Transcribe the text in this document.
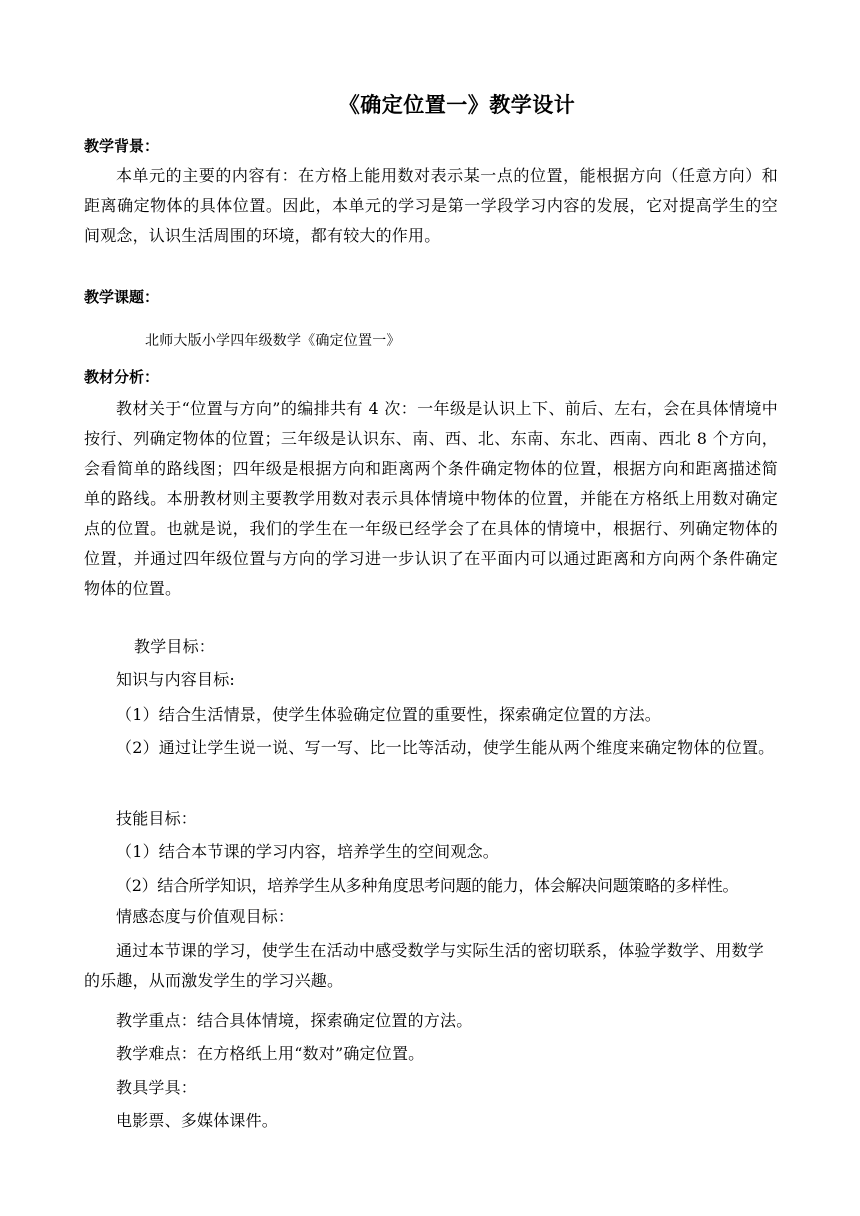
《确定位置一》教学设计
教学背景：
本单元的主要的内容有：在方格上能用数对表示某一点的位置，能根据方向（任意方向）和距离确定物体的具体位置。因此，本单元的学习是第一学段学习内容的发展，它对提高学生的空间观念，认识生活周围的环境，都有较大的作用。
教学课题：
北师大版小学四年级数学《确定位置一》
教材分析：
教材关于“位置与方向”的编排共有 4 次：一年级是认识上下、前后、左右，会在具体情境中按行、列确定物体的位置；三年级是认识东、南、西、北、东南、东北、西南、西北 8 个方向，会看简单的路线图；四年级是根据方向和距离两个条件确定物体的位置，根据方向和距离描述简单的路线。本册教材则主要教学用数对表示具体情境中物体的位置，并能在方格纸上用数对确定点的位置。也就是说，我们的学生在一年级已经学会了在具体的情境中，根据行、列确定物体的位置，并通过四年级位置与方向的学习进一步认识了在平面内可以通过距离和方向两个条件确定物体的位置。
教学目标：
知识与内容目标:
（1）结合生活情景，使学生体验确定位置的重要性，探索确定位置的方法。
（2）通过让学生说一说、写一写、比一比等活动，使学生能从两个维度来确定物体的位置。
技能目标：
（1）结合本节课的学习内容，培养学生的空间观念。
（2）结合所学知识，培养学生从多种角度思考问题的能力，体会解决问题策略的多样性。
情感态度与价值观目标：
通过本节课的学习，使学生在活动中感受数学与实际生活的密切联系，体验学数学、用数学的乐趣，从而激发学生的学习兴趣。
教学重点：结合具体情境，探索确定位置的方法。
教学难点：在方格纸上用“数对”确定位置。
教具学具：
电影票、多媒体课件。
